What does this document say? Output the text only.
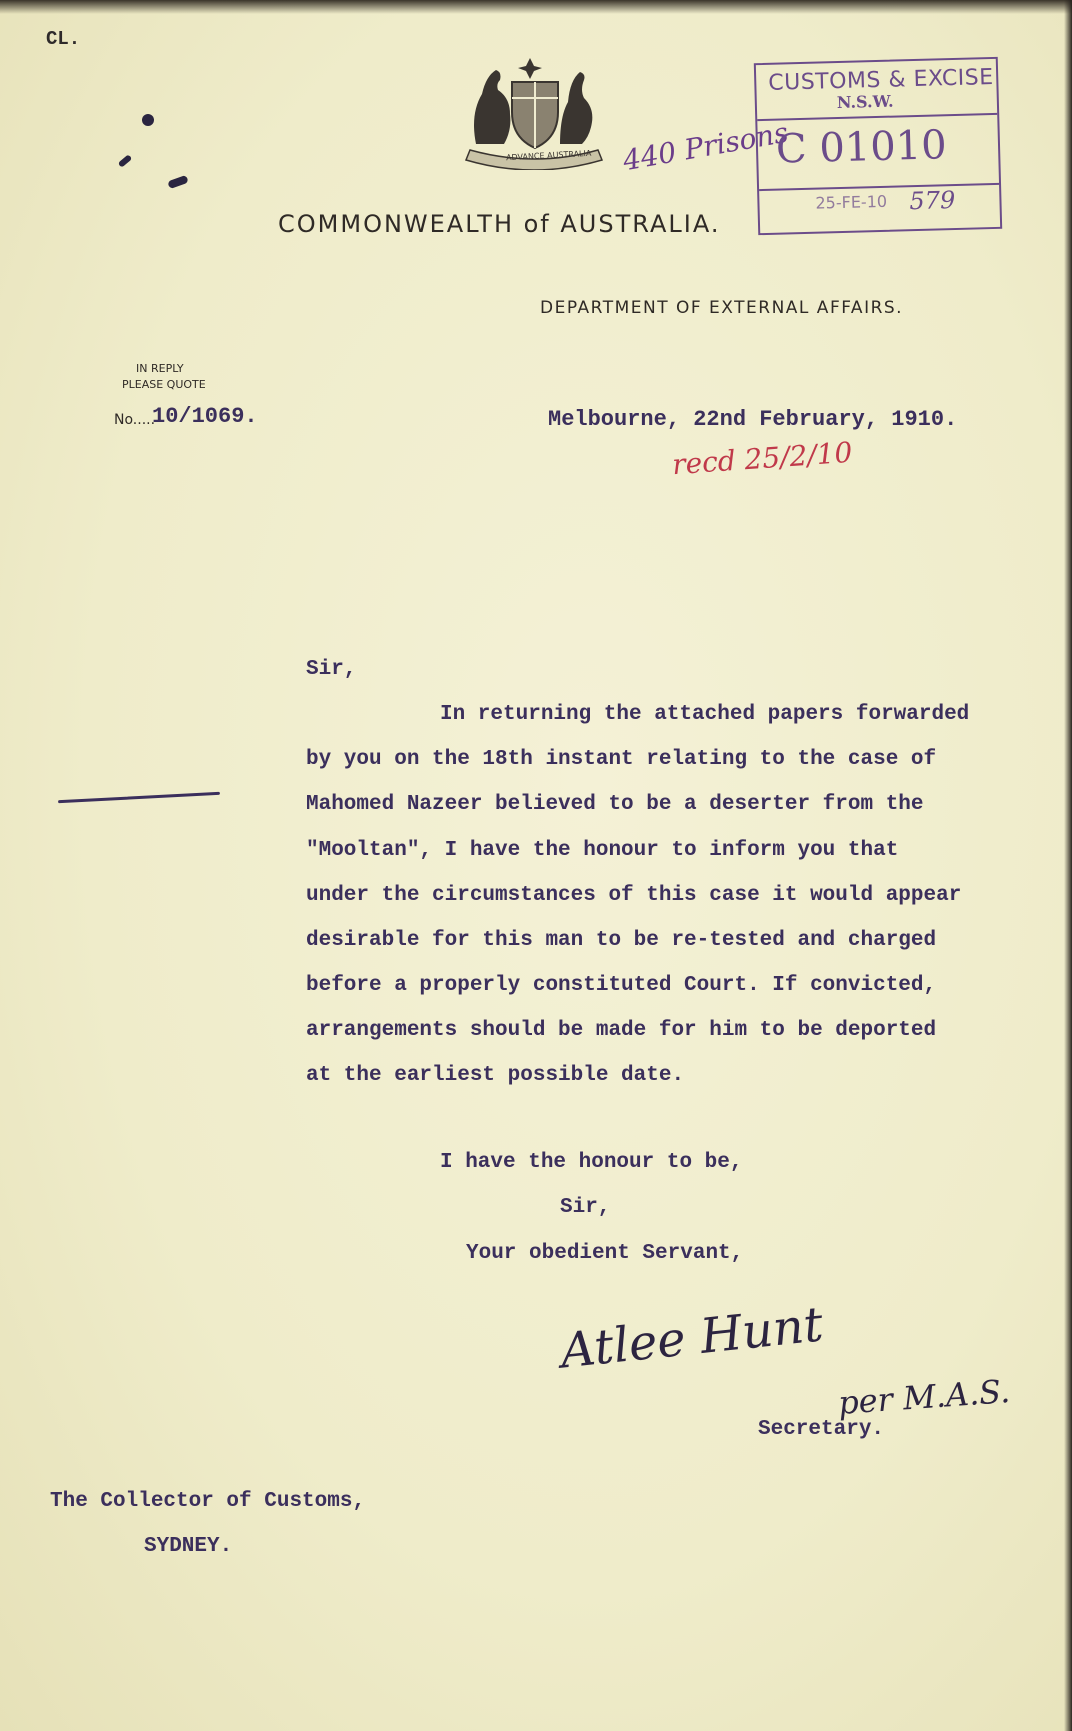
CL.
ADVANCE AUSTRALIA 440 Prisons
CUSTOMS & EXCISE
N.S.W.
C 01010
25-FE-10 579
COMMONWEALTH of AUSTRALIA.
DEPARTMENT OF EXTERNAL AFFAIRS.
IN REPLY
PLEASE QUOTE
No.....
10/1069.	Melbourne, 22nd February, 1910.
recd 25/2/10
Sir,
In returning the attached papers forwarded
by you on the 18th instant relating to the case of
Mahomed Nazeer believed to be a deserter from the
"Mooltan", I have the honour to inform you that
under the circumstances of this case it would appear
desirable for this man to be re-tested and charged
before a properly constituted Court. If convicted,
arrangements should be made for him to be deported
at the earliest possible date.
I have the honour to be,
Sir,
Your obedient Servant,
Atlee Hunt
per M.A.S.
Secretary.
The Collector of Customs,
SYDNEY.
